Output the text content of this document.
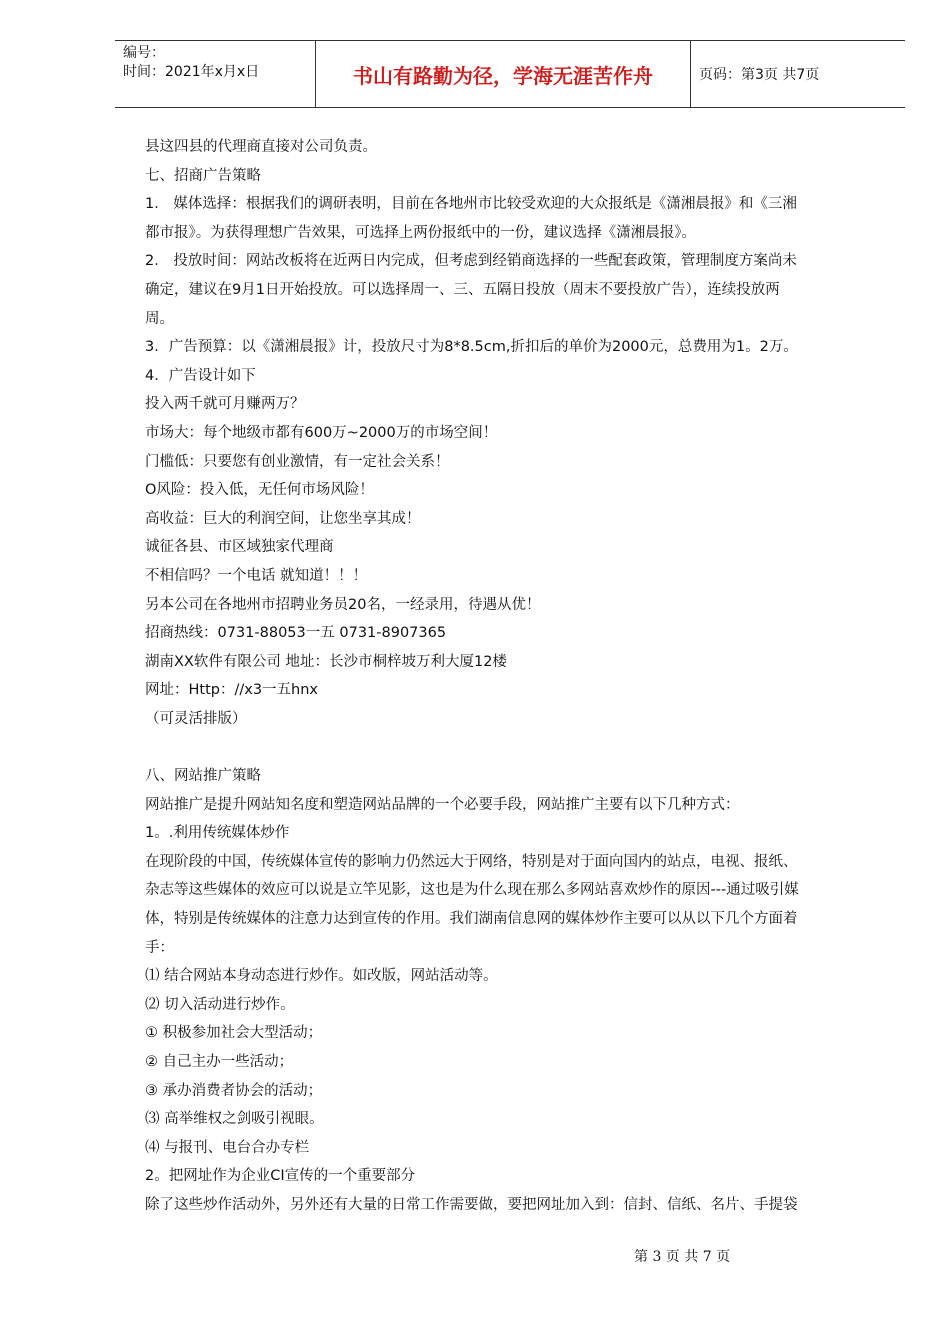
编号：
时间：2021年x月x日	书山有路勤为径，学海无涯苦作舟	页码：第3页 共7页
县这四县的代理商直接对公司负责。
七、招商广告策略
1． 媒体选择：根据我们的调研表明，目前在各地州市比较受欢迎的大众报纸是《潇湘晨报》和《三湘
都市报》。为获得理想广告效果，可选择上两份报纸中的一份，建议选择《潇湘晨报》。
2． 投放时间：网站改板将在近两日内完成，但考虑到经销商选择的一些配套政策，管理制度方案尚未
确定，建议在9月1日开始投放。可以选择周一、三、五隔日投放（周末不要投放广告），连续投放两
周。
3．广告预算：以《潇湘晨报》计，投放尺寸为8*8.5cm,折扣后的单价为2000元，总费用为1。2万。
4．广告设计如下
投入两千就可月赚两万？
市场大：每个地级市都有600万~2000万的市场空间！
门槛低：只要您有创业激情，有一定社会关系！
O风险：投入低，无任何市场风险！
高收益：巨大的利润空间，让您坐享其成！
诚征各县、市区域独家代理商
不相信吗？一个电话 就知道！！！
另本公司在各地州市招聘业务员20名，一经录用，待遇从优！
招商热线：0731-88053一五 0731-8907365
湖南XX软件有限公司 地址：长沙市桐梓坡万利大厦12楼
网址：Http：//x3一五hnx
（可灵活排版）
八、网站推广策略
网站推广是提升网站知名度和塑造网站品牌的一个必要手段，网站推广主要有以下几种方式：
1。.利用传统媒体炒作
在现阶段的中国，传统媒体宣传的影响力仍然远大于网络，特别是对于面向国内的站点，电视、报纸、
杂志等这些媒体的效应可以说是立竿见影，这也是为什么现在那么多网站喜欢炒作的原因---通过吸引媒
体，特别是传统媒体的注意力达到宣传的作用。我们湖南信息网的媒体炒作主要可以从以下几个方面着
手：
⑴ 结合网站本身动态进行炒作。如改版，网站活动等。
⑵ 切入活动进行炒作。
① 积极参加社会大型活动；
② 自己主办一些活动；
③ 承办消费者协会的活动；
⑶ 高举维权之剑吸引视眼。
⑷ 与报刊、电台合办专栏
2。把网址作为企业CI宣传的一个重要部分
除了这些炒作活动外，另外还有大量的日常工作需要做，要把网址加入到：信封、信纸、名片、手提袋
第 3 页 共 7 页
